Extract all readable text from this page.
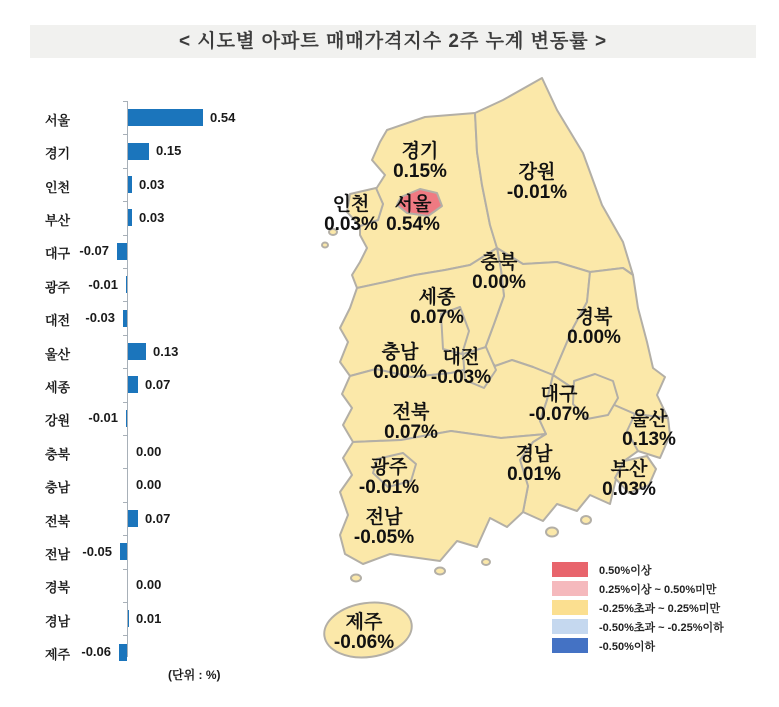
< 시도별 아파트 매매가격지수 2주 누계 변동률 >
서울	0.54
경기	0.15
인천	0.03
부산	0.03
대구 -0.07
광주	-0.01
대전	-0.03
울산	0.13
세종	0.07
강원	-0.01
충북	0.00
충남	0.00
전북	0.07
전남 -0.05
경북	0.00
경남	0.01
제주 -0.06
(단위 : %)
경기
0.15%	강원
-0.01%
인천
0.03%
서울
0.54%
충북
0.00%
세종
0.07%	경북
0.00%
충남
0.00%
대전
-0.03%
대구
-0.07%	울산
0.13%
전북
0.07%
경남
0.01%	부산
0.03%
광주
-0.01%
전남
-0.05%
제주
-0.06%
0.50%이상
0.25%이상 ~ 0.50%미만
-0.25%초과 ~ 0.25%미만
-0.50%초과 ~ -0.25%이하
-0.50%이하
